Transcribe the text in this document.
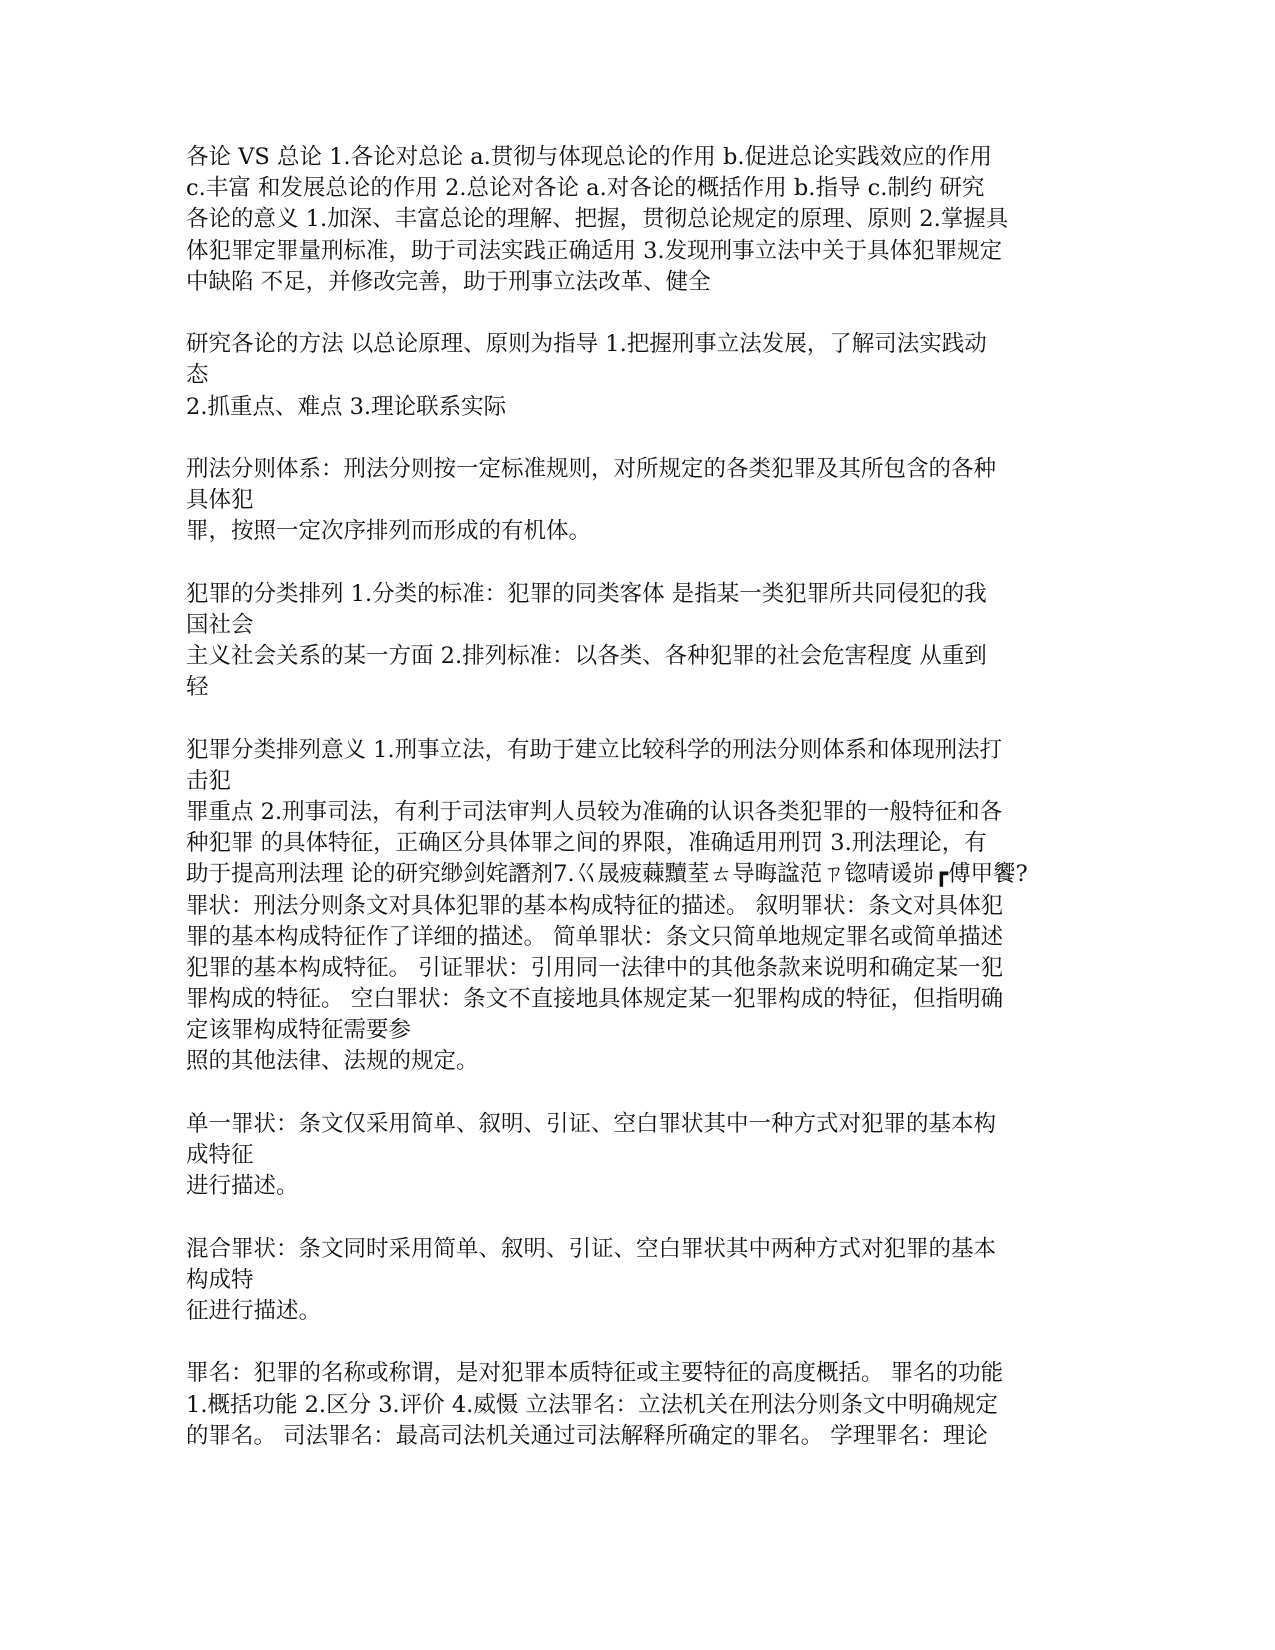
各论 VS 总论 1.各论对总论 a.贯彻与体现总论的作用 b.促进总论实践效应的作用
c.丰富 和发展总论的作用 2.总论对各论 a.对各论的概括作用 b.指导 c.制约 研究
各论的意义 1.加深、丰富总论的理解、把握，贯彻总论规定的原理、原则 2.掌握具
体犯罪定罪量刑标准，助于司法实践正确适用 3.发现刑事立法中关于具体犯罪规定
中缺陷 不足，并修改完善，助于刑事立法改革、健全
研究各论的方法 以总论原理、原则为指导 1.把握刑事立法发展，了解司法实践动
态
2.抓重点、难点 3.理论联系实际
刑法分则体系：刑法分则按一定标准规则，对所规定的各类犯罪及其所包含的各种
具体犯
罪，按照一定次序排列而形成的有机体。
犯罪的分类排列 1.分类的标准：犯罪的同类客体 是指某一类犯罪所共同侵犯的我
国社会
主义社会关系的某一方面 2.排列标准：以各类、各种犯罪的社会危害程度 从重到
轻
犯罪分类排列意义 1.刑事立法，有助于建立比较科学的刑法分则体系和体现刑法打
击犯
罪重点 2.刑事司法，有利于司法审判人员较为准确的认识各类犯罪的一般特征和各
种犯罪 的具体特征，正确区分具体罪之间的界限，准确适用刑罚 3.刑法理论，有
助于提高刑法理 论的研究缈剑姹譖剂7.巜晟疲蕀黷荎ㄊ导晦諡范ㄗ锪啨谖峁┏傅甲饗?
罪状：刑法分则条文对具体犯罪的基本构成特征的描述。 叙明罪状：条文对具体犯
罪的基本构成特征作了详细的描述。 简单罪状：条文只简单地规定罪名或简单描述
犯罪的基本构成特征。 引证罪状：引用同一法律中的其他条款来说明和确定某一犯
罪构成的特征。 空白罪状：条文不直接地具体规定某一犯罪构成的特征，但指明确
定该罪构成特征需要参
照的其他法律、法规的规定。
单一罪状：条文仅采用简单、叙明、引证、空白罪状其中一种方式对犯罪的基本构
成特征
进行描述。
混合罪状：条文同时采用简单、叙明、引证、空白罪状其中两种方式对犯罪的基本
构成特
征进行描述。
罪名：犯罪的名称或称谓，是对犯罪本质特征或主要特征的高度概括。 罪名的功能
1.概括功能 2.区分 3.评价 4.威慑 立法罪名：立法机关在刑法分则条文中明确规定
的罪名。 司法罪名：最高司法机关通过司法解释所确定的罪名。 学理罪名：理论
